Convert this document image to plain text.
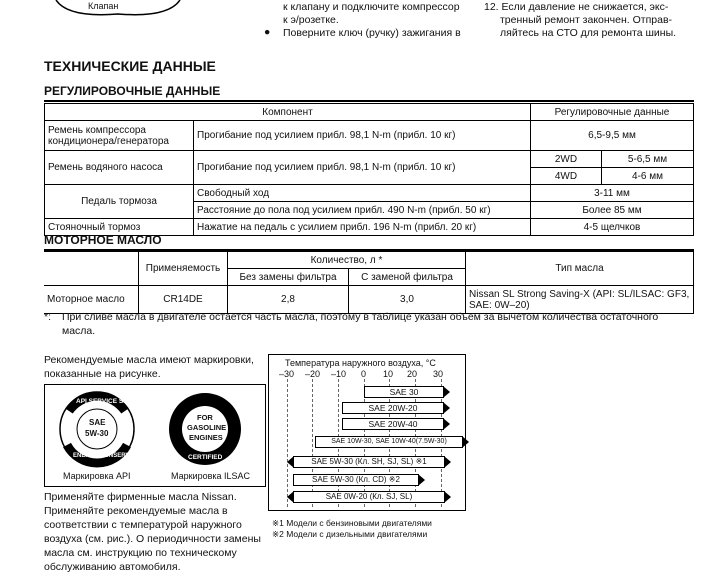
Клапан	к клапану и подключите компрессор
к э/розетке.
● Поверните ключ (ручку) зажигания в
12. Если давление не снижается, экс-
тренный ремонт закончен. Отправ-
ляйтесь на СТО для ремонта шины.
ТЕХНИЧЕСКИЕ ДАННЫЕ
РЕГУЛИРОВОЧНЫЕ ДАННЫЕ
Компонент		Регулировочные данные	
Ремень компрессора кондиционера/генератора	Прогибание под усилием прибл. 98,1 N-m (прибл. 10 кг)	6,5-9,5 мм	
Ремень водяного насоса	Прогибание под усилием прибл. 98,1 N-m (прибл. 10 кг)	2WD	5-6,5 мм
		4WD	4-6 мм
Педаль тормоза	Свободный ход	3-11 мм	
	Расстояние до пола под усилием прибл. 490 N-m (прибл. 50 кг)	Более 85 мм	
Стояночный тормоз	Нажатие на педаль с усилием прибл. 196 N-m (прибл. 20 кг)	4-5 щелчков	
МОТОРНОЕ МАСЛО
	Применяемость	Количество, л *		Тип масла
		Без замены фильтра	С заменой фильтра	
Моторное масло	CR14DE	2,8	3,0	Nissan SL Strong Saving-X (API: SL/ILSAC: GF3, SAE: 0W–20)
*: При сливе масла в двигателе остается часть масла, поэтому в таблице указан объем за вычетом количества остаточного масла.
Рекомендуемые масла имеют маркировки, показанные на рисунке.
API SERVICE SJ
SAE
5W-30
ENERGY CONSERVING
Маркировка API
FOR
GASOLINE
ENGINES
CERTIFIED
Маркировка ILSAC
Применяйте фирменные масла Nissan. Применяйте рекомендуемые масла в соответствии с температурой наружного воздуха (см. рис.). О периодичности замены масла см. инструкцию по техническому обслуживанию автомобиля.
Температура наружного воздуха, °C
–30 –20 –10 0 10 20 30
SAE 30
SAE 20W-20
SAE 20W-40
SAE 10W-30, SAE 10W-40(7.5W-30)
SAE 5W-30 (Кл. SH, SJ, SL) ※1
SAE 5W-30 (Кл. CD) ※2
SAE 0W-20 (Кл. SJ, SL)
※1 Модели с бензиновыми двигателями
※2 Модели с дизельными двигателями
